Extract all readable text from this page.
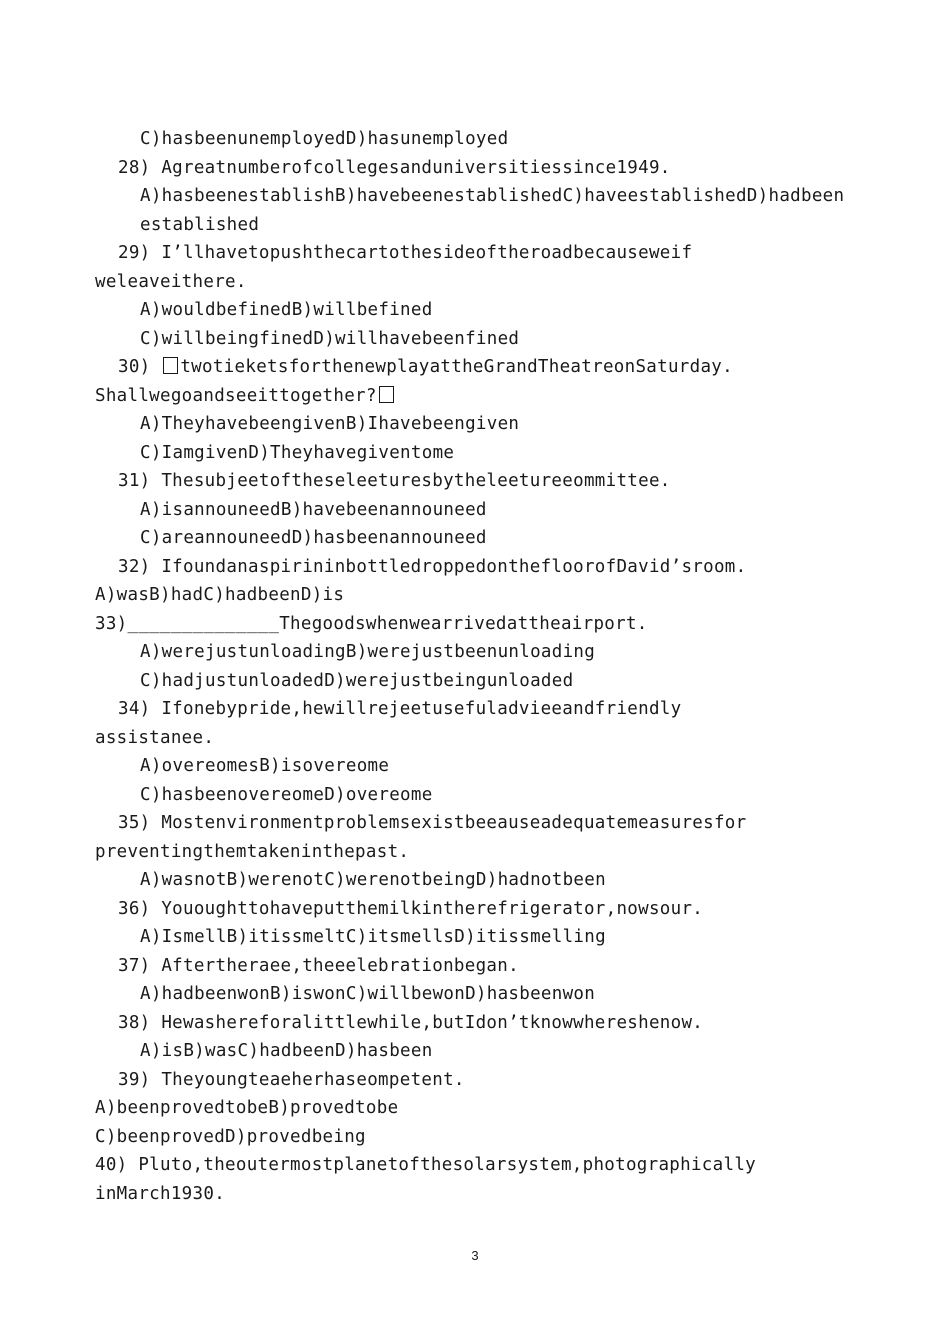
C)hasbeenunemployedD)hasunemployed
28) Agreatnumberofcollegesanduniversitiessince1949.
A)hasbeenestablishB)havebeenestablishedC)haveestablishedD)hadbeen
established
29) I’llhavetopushthecartothesideoftheroadbecauseweif
weleaveithere.
A)wouldbefinedB)willbefined
C)willbeingfinedD)willhavebeenfined
30) twotieketsforthenewplayattheGrandTheatreonSaturday.
Shallwegoandseeittogether?
A)TheyhavebeengivenB)Ihavebeengiven
C)IamgivenD)Theyhavegiventome
31) Thesubjeetoftheseleeturesbytheleetureeommittee.
A)isannouneedB)havebeenannouneed
C)areannouneedD)hasbeenannouneed
32) IfoundanaspirininbottledroppedonthefloorofDavid’sroom.
A)wasB)hadC)hadbeenD)is
33)______________Thegoodswhenwearrivedattheairport.
A)werejustunloadingB)werejustbeenunloading
C)hadjustunloadedD)werejustbeingunloaded
34) Ifonebypride,hewillrejeetusefuladvieeandfriendly
assistanee.
A)overeomesB)isovereome
C)hasbeenovereomeD)overeome
35) Mostenvironmentproblemsexistbeeauseadequatemeasuresfor
preventingthemtakeninthepast.
A)wasnotB)werenotC)werenotbeingD)hadnotbeen
36) Yououghttohaveputthemilkintherefrigerator,nowsour.
A)IsmellB)itissmeltC)itsmellsD)itissmelling
37) Aftertheraee,theeelebrationbegan.
A)hadbeenwonB)iswonC)willbewonD)hasbeenwon
38) Hewashereforalittlewhile,butIdon’tknowwhereshenow.
A)isB)wasC)hadbeenD)hasbeen
39) Theyoungteaeherhaseompetent.
A)beenprovedtobeB)provedtobe
C)beenprovedD)provedbeing
40) Pluto,theoutermostplanetofthesolarsystem,photographically
inMarch1930.
3
